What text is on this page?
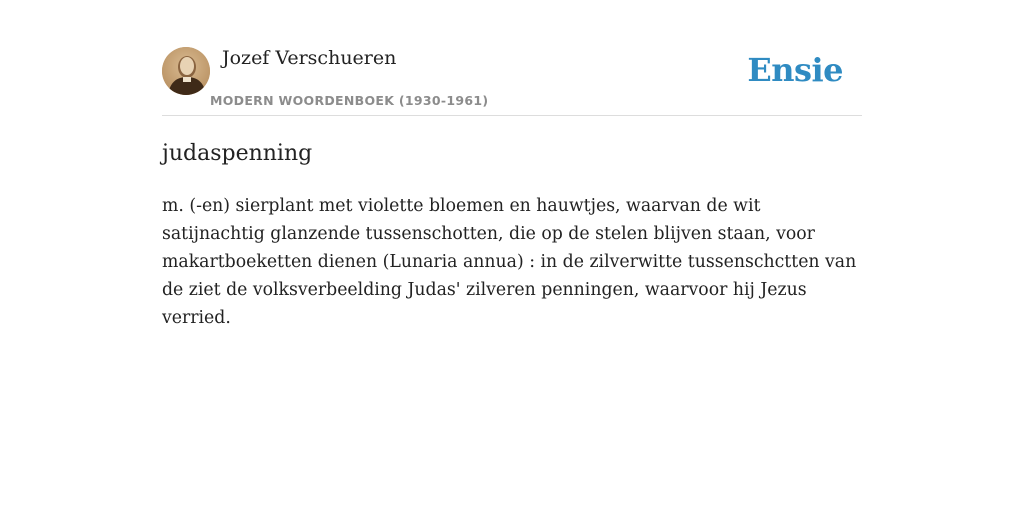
Jozef Verschueren
MODERN WOORDENBOEK (1930-1961)
Ensie
judaspenning

m. (-en) sierplant met violette bloemen en hauwtjes, waarvan de wit satijnachtig glanzende tussenschotten, die op de stelen blijven staan, voor makartboeketten dienen (Lunaria annua) : in de zilverwitte tussenschctten van de ziet de volksverbeelding Judas' zilveren penningen, waarvoor hij Jezus verried.
